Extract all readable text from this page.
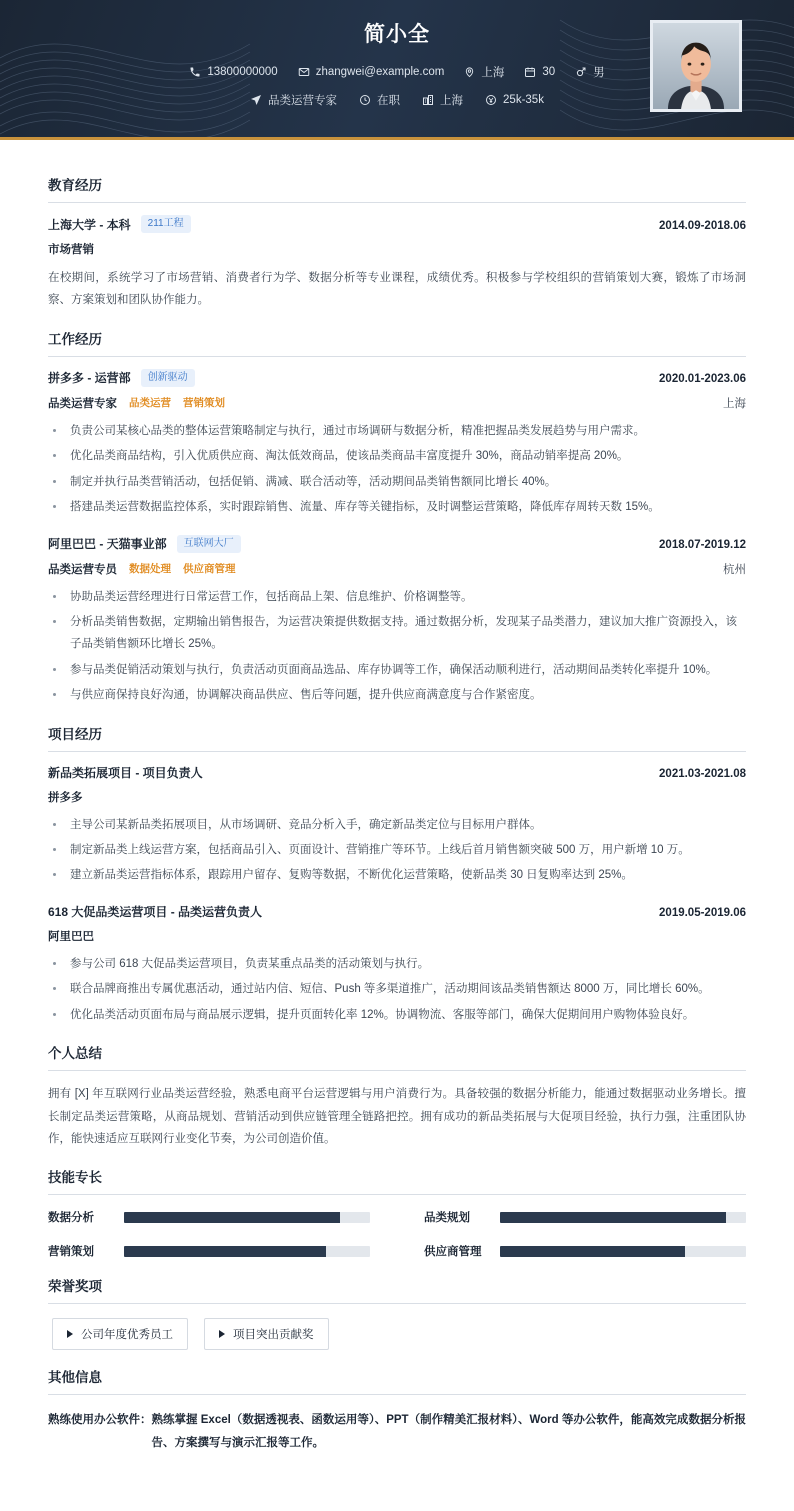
简小全
13800000000	zhangwei@example.com	上海	30	男
品类运营专家	在职	上海	25k-35k
教育经历
上海大学 - 本科	211工程	2014.09-2018.06
市场营销
在校期间，系统学习了市场营销、消费者行为学、数据分析等专业课程，成绩优秀。积极参与学校组织的营销策划大赛，锻炼了市场洞察、方案策划和团队协作能力。
工作经历
拼多多 - 运营部	创新驱动	2020.01-2023.06
品类运营专家 品类运营 营销策划	上海
• 负责公司某核心品类的整体运营策略制定与执行，通过市场调研与数据分析，精准把握品类发展趋势与用户需求。
• 优化品类商品结构，引入优质供应商、淘汰低效商品，使该品类商品丰富度提升 30%，商品动销率提高 20%。
• 制定并执行品类营销活动，包括促销、满减、联合活动等，活动期间品类销售额同比增长 40%。
• 搭建品类运营数据监控体系，实时跟踪销售、流量、库存等关键指标，及时调整运营策略，降低库存周转天数 15%。
阿里巴巴 - 天猫事业部	互联网大厂	2018.07-2019.12
品类运营专员 数据处理 供应商管理	杭州
• 协助品类运营经理进行日常运营工作，包括商品上架、信息维护、价格调整等。
• 分析品类销售数据，定期输出销售报告，为运营决策提供数据支持。通过数据分析，发现某子品类潜力，建议加大推广资源投入，该子品类销售额环比增长 25%。
• 参与品类促销活动策划与执行，负责活动页面商品选品、库存协调等工作，确保活动顺利进行，活动期间品类转化率提升 10%。
• 与供应商保持良好沟通，协调解决商品供应、售后等问题，提升供应商满意度与合作紧密度。
项目经历
新品类拓展项目 - 项目负责人	2021.03-2021.08
拼多多
• 主导公司某新品类拓展项目，从市场调研、竞品分析入手，确定新品类定位与目标用户群体。
• 制定新品类上线运营方案，包括商品引入、页面设计、营销推广等环节。上线后首月销售额突破 500 万，用户新增 10 万。
• 建立新品类运营指标体系，跟踪用户留存、复购等数据，不断优化运营策略，使新品类 30 日复购率达到 25%。
618 大促品类运营项目 - 品类运营负责人	2019.05-2019.06
阿里巴巴
• 参与公司 618 大促品类运营项目，负责某重点品类的活动策划与执行。
• 联合品牌商推出专属优惠活动，通过站内信、短信、Push 等多渠道推广，活动期间该品类销售额达 8000 万，同比增长 60%。
• 优化品类活动页面布局与商品展示逻辑，提升页面转化率 12%。协调物流、客服等部门，确保大促期间用户购物体验良好。
个人总结
拥有 [X] 年互联网行业品类运营经验，熟悉电商平台运营逻辑与用户消费行为。具备较强的数据分析能力，能通过数据驱动业务增长。擅长制定品类运营策略，从商品规划、营销活动到供应链管理全链路把控。拥有成功的新品类拓展与大促项目经验，执行力强，注重团队协作，能快速适应互联网行业变化节奏，为公司创造价值。
技能专长
数据分析	品类规划
营销策划	供应商管理
荣誉奖项
公司年度优秀员工	项目突出贡献奖
其他信息
熟练使用办公软件： 熟练掌握 Excel（数据透视表、函数运用等）、PPT（制作精美汇报材料）、Word 等办公软件，能高效完成数据分析报告、方案撰写与演示汇报等工作。
